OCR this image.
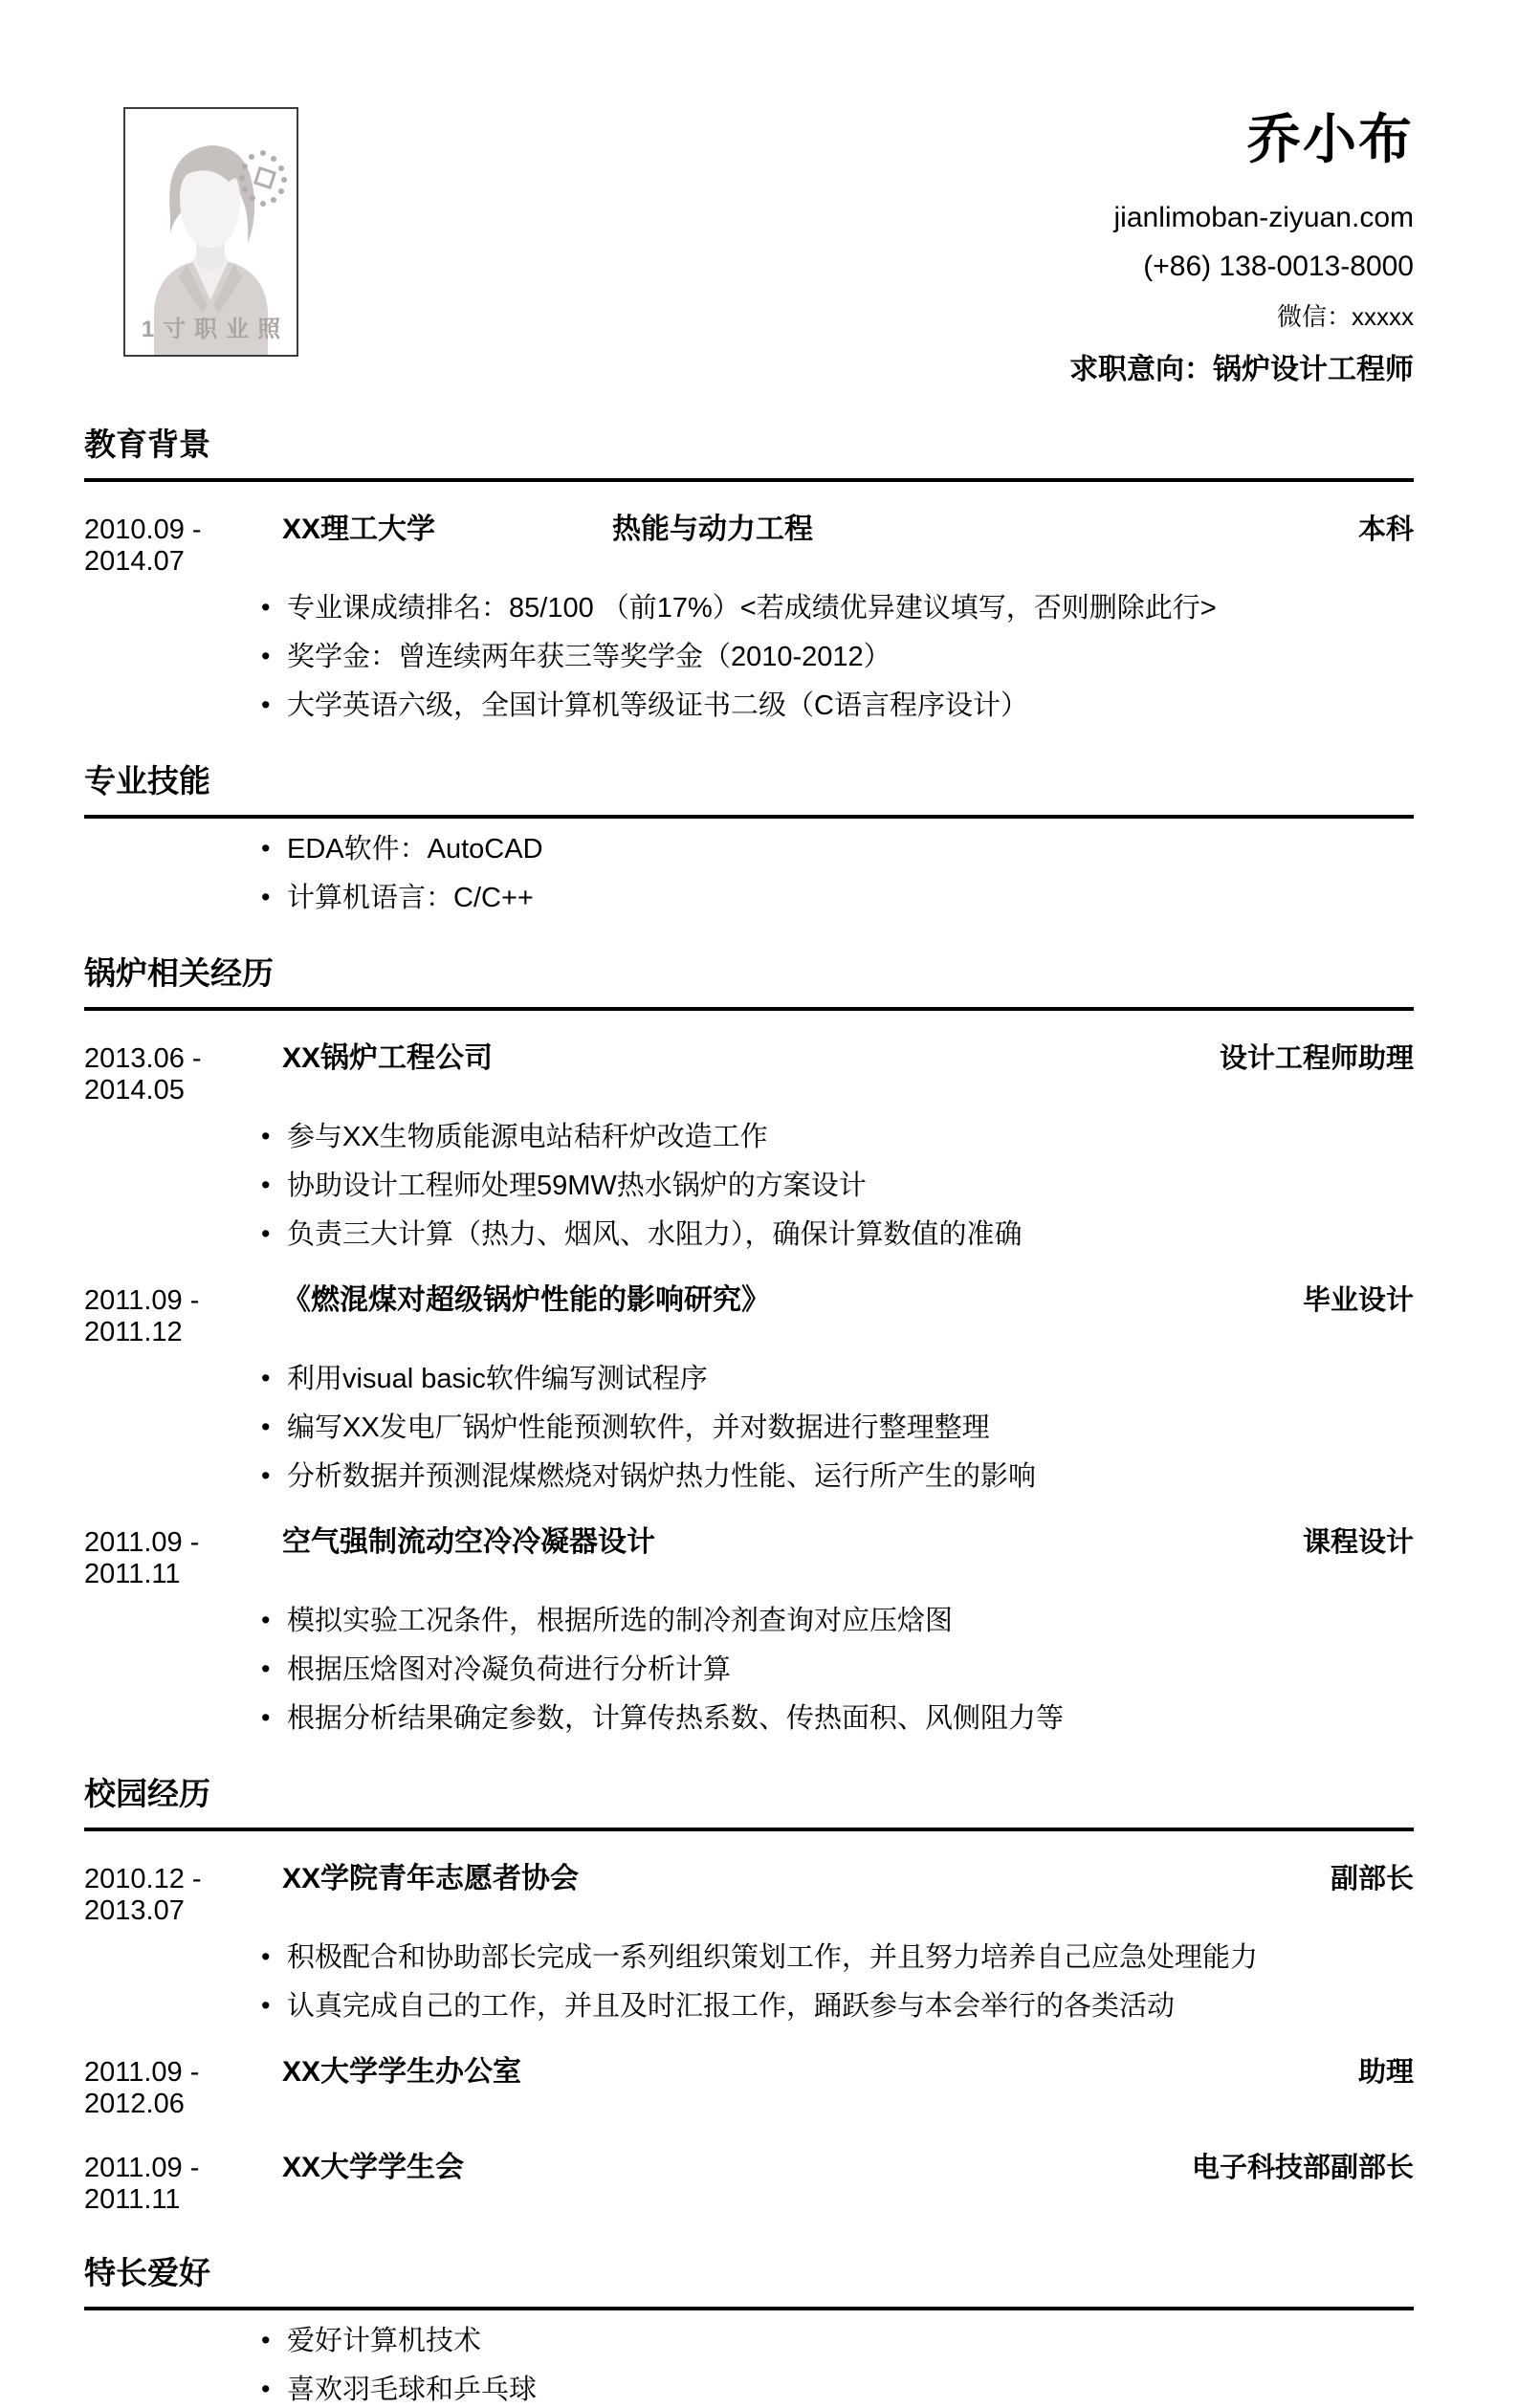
1寸职业照
乔小布
jianlimoban-ziyuan.com
(+86) 138-0013-8000
微信：xxxxx
求职意向：锅炉设计工程师
教育背景
2010.09 - 2014.07
XX理工大学	热能与动力工程	本科
• 专业课成绩排名：85/100 （前17%）<若成绩优异建议填写，否则删除此行>
• 奖学金：曾连续两年获三等奖学金（2010-2012）
• 大学英语六级，全国计算机等级证书二级（C语言程序设计）
专业技能
• EDA软件：AutoCAD
• 计算机语言：C/C++
锅炉相关经历
2013.06 - 2014.05
XX锅炉工程公司	设计工程师助理
• 参与XX生物质能源电站秸秆炉改造工作
• 协助设计工程师处理59MW热水锅炉的方案设计
• 负责三大计算（热力、烟风、水阻力），确保计算数值的准确
2011.09 - 2011.12
《燃混煤对超级锅炉性能的影响研究》	毕业设计
• 利用visual basic软件编写测试程序
• 编写XX发电厂锅炉性能预测软件，并对数据进行整理整理
• 分析数据并预测混煤燃烧对锅炉热力性能、运行所产生的影响
2011.09 - 2011.11
空气强制流动空冷冷凝器设计	课程设计
• 模拟实验工况条件，根据所选的制冷剂查询对应压焓图
• 根据压焓图对冷凝负荷进行分析计算
• 根据分析结果确定参数，计算传热系数、传热面积、风侧阻力等
校园经历
2010.12 - 2013.07
XX学院青年志愿者协会	副部长
• 积极配合和协助部长完成一系列组织策划工作，并且努力培养自己应急处理能力
• 认真完成自己的工作，并且及时汇报工作，踊跃参与本会举行的各类活动
2011.09 - 2012.06
XX大学学生办公室	助理
2011.09 - 2011.11
XX大学学生会	电子科技部副部长
特长爱好
• 爱好计算机技术
• 喜欢羽毛球和乒乓球
